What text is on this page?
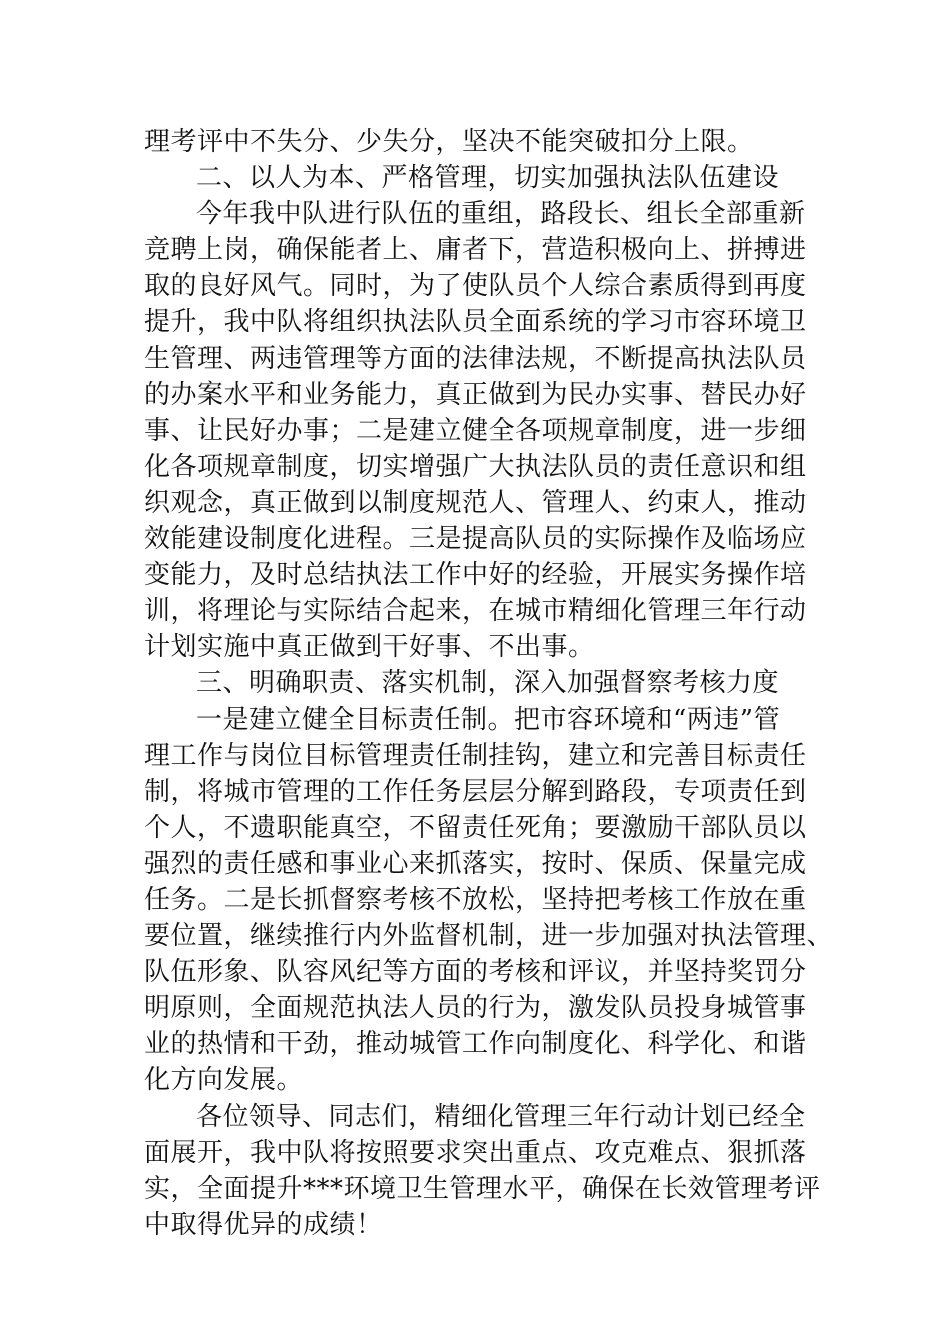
理考评中不失分、少失分，坚决不能突破扣分上限。
二、以人为本、严格管理，切实加强执法队伍建设
今年我中队进行队伍的重组，路段长、组长全部重新
竞聘上岗，确保能者上、庸者下，营造积极向上、拼搏进
取的良好风气。同时，为了使队员个人综合素质得到再度
提升，我中队将组织执法队员全面系统的学习市容环境卫
生管理、两违管理等方面的法律法规，不断提高执法队员
的办案水平和业务能力，真正做到为民办实事、替民办好
事、让民好办事；二是建立健全各项规章制度，进一步细
化各项规章制度，切实增强广大执法队员的责任意识和组
织观念，真正做到以制度规范人、管理人、约束人，推动
效能建设制度化进程。三是提高队员的实际操作及临场应
变能力，及时总结执法工作中好的经验，开展实务操作培
训，将理论与实际结合起来，在城市精细化管理三年行动
计划实施中真正做到干好事、不出事。
三、明确职责、落实机制，深入加强督察考核力度
一是建立健全目标责任制。把市容环境和“两违”管
理工作与岗位目标管理责任制挂钩，建立和完善目标责任
制，将城市管理的工作任务层层分解到路段，专项责任到
个人，不遗职能真空，不留责任死角；要激励干部队员以
强烈的责任感和事业心来抓落实，按时、保质、保量完成
任务。二是长抓督察考核不放松，坚持把考核工作放在重
要位置，继续推行内外监督机制，进一步加强对执法管理、
队伍形象、队容风纪等方面的考核和评议，并坚持奖罚分
明原则，全面规范执法人员的行为，激发队员投身城管事
业的热情和干劲，推动城管工作向制度化、科学化、和谐
化方向发展。
各位领导、同志们，精细化管理三年行动计划已经全
面展开，我中队将按照要求突出重点、攻克难点、狠抓落
实，全面提升***环境卫生管理水平，确保在长效管理考评
中取得优异的成绩！
